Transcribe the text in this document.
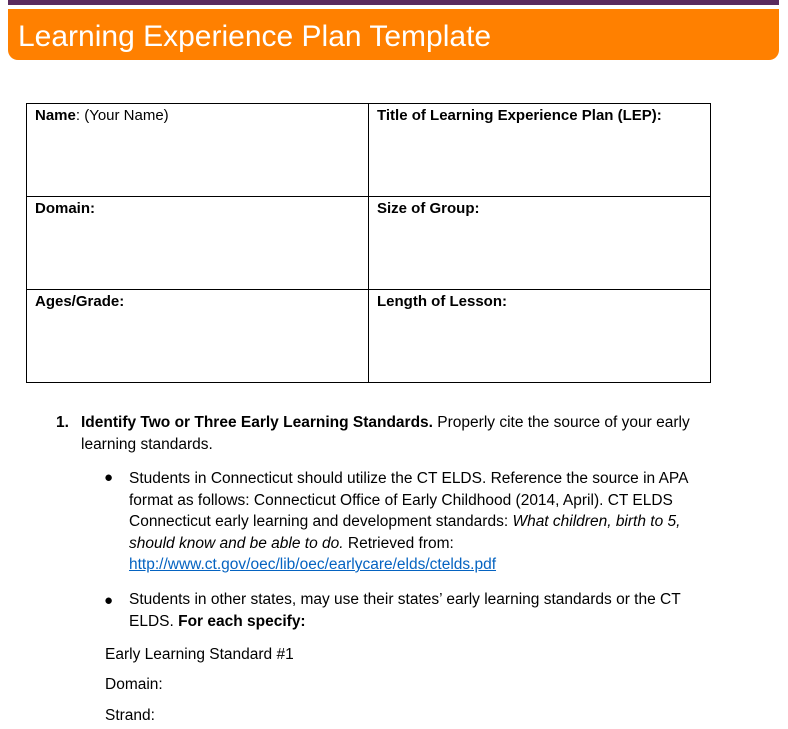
Learning Experience Plan Template
Name: (Your Name)	Title of Learning Experience Plan (LEP):
Domain:	Size of Group:
Ages/Grade:	Length of Lesson:
1. Identify Two or Three Early Learning Standards. Properly cite the source of your early learning standards.
● Students in Connecticut should utilize the CT ELDS. Reference the source in APA format as follows: Connecticut Office of Early Childhood (2014, April). CT ELDS Connecticut early learning and development standards: What children, birth to 5, should know and be able to do. Retrieved from: http://www.ct.gov/oec/lib/oec/earlycare/elds/ctelds.pdf
● Students in other states, may use their states’ early learning standards or the CT ELDS. For each specify:
Early Learning Standard #1
Domain:
Strand:
